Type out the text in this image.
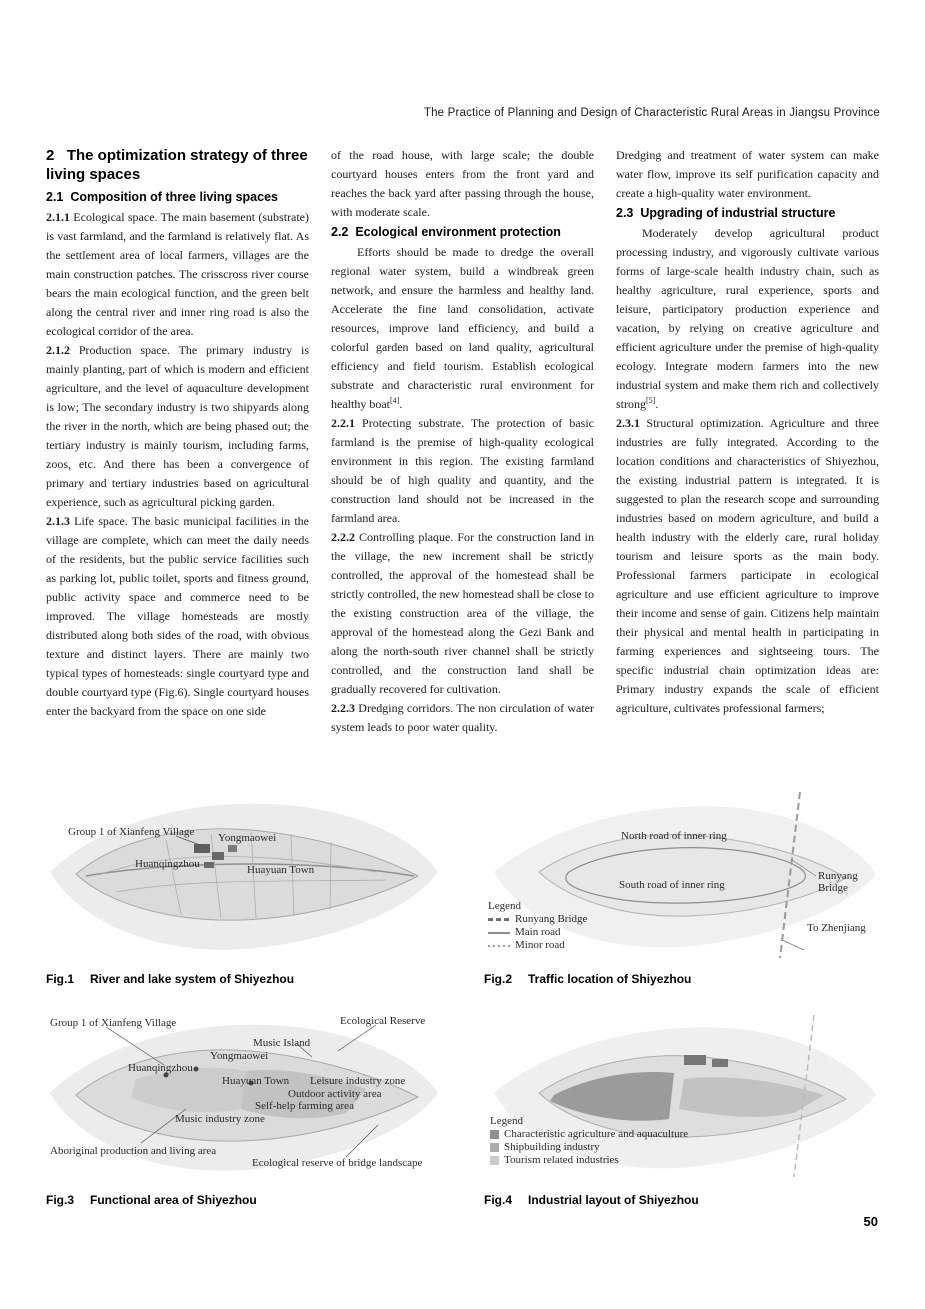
The Practice of Planning and Design of Characteristic Rural Areas in Jiangsu Province
2   The optimization strategy of three living spaces
2.1  Composition of three living spaces

2.1.1 Ecological space. The main basement (substrate) is vast farmland, and the farmland is relatively flat. As the settlement area of local farmers, villages are the main construction patches. The crisscross river course bears the main ecological function, and the green belt along the central river and inner ring road is also the ecological corridor of the area.

2.1.2 Production space. The primary industry is mainly planting, part of which is modern and efficient agriculture, and the level of aquaculture development is low; The secondary industry is two shipyards along the river in the north, which are being phased out; the tertiary industry is mainly tourism, including farms, zoos, etc. And there has been a convergence of primary and tertiary industries based on agricultural experience, such as agricultural picking garden.

2.1.3 Life space. The basic municipal facilities in the village are complete, which can meet the daily needs of the residents, but the public service facilities such as parking lot, public toilet, sports and fitness ground, public activity space and commerce need to be improved. The village homesteads are mostly distributed along both sides of the road, with obvious texture and distinct layers. There are mainly two typical types of homesteads: single courtyard type and double courtyard type (Fig.6). Single courtyard houses enter the backyard from the space on one side

of the road house, with large scale; the double courtyard houses enters from the front yard and reaches the back yard after passing through the house, with moderate scale.

2.2  Ecological environment protection

Efforts should be made to dredge the overall regional water system, build a windbreak green network, and ensure the harmless and healthy land. Accelerate the fine land consolidation, activate resources, improve land efficiency, and build a colorful garden based on land quality, agricultural efficiency and field tourism. Establish ecological substrate and characteristic rural environment for healthy boat[4].

2.2.1 Protecting substrate. The protection of basic farmland is the premise of high-quality ecological environment in this region. The existing farmland should be of high quality and quantity, and the construction land should not be increased in the farmland area.

2.2.2 Controlling plaque. For the construction land in the village, the new increment shall be strictly controlled, the approval of the homestead shall be strictly controlled, the new homestead shall be close to the existing construction area of the village, the approval of the homestead along the Gezi Bank and along the north-south river channel shall be strictly controlled, and the construction land shall be gradually recovered for cultivation.

2.2.3 Dredging corridors. The non circulation of water system leads to poor water quality.

Dredging and treatment of water system can make water flow, improve its self purification capacity and create a high-quality water environment.

2.3  Upgrading of industrial structure

Moderately develop agricultural product processing industry, and vigorously cultivate various forms of large-scale health industry chain, such as healthy agriculture, rural experience, sports and leisure, participatory production experience and vacation, by relying on creative agriculture and efficient agriculture under the premise of high-quality ecology. Integrate modern farmers into the new industrial system and make them rich and collectively strong[5].

2.3.1 Structural optimization. Agriculture and three industries are fully integrated. According to the location conditions and characteristics of Shiyezhou, the existing industrial pattern is integrated. It is suggested to plan the research scope and surrounding industries based on modern agriculture, and build a health industry with the elderly care, rural holiday tourism and leisure sports as the main body. Professional farmers participate in ecological agriculture and use efficient agriculture to improve their income and sense of gain. Citizens help maintain their physical and mental health in participating in farming experiences and sightseeing tours. The specific industrial chain optimization ideas are: Primary industry expands the scale of efficient agriculture, cultivates professional farmers;

Group 1 of Xianfeng Village Yongmaowei
Huanqingzhou	Huayuan Town
Fig.1 River and lake system of Shiyezhou
North road of inner ring
South road of inner ring
Runyang Bridge
To Zhenjiang
Legend
Runyang Bridge
Main road
Minor road
Fig.2 Traffic location of Shiyezhou
Group 1 of Xianfeng Village	Ecological Reserve
Music Island
Yongmaowei
Huanqingzhou
Huayuan Town Leisure industry zone
Outdoor activity area
Self-help farming area
Music industry zone
Aboriginal production and living area
Ecological reserve of bridge landscape
Fig.3 Functional area of Shiyezhou
Legend
Characteristic agriculture and aquaculture
Shipbuilding industry
Tourism related industries
Fig.4 Industrial layout of Shiyezhou
50
